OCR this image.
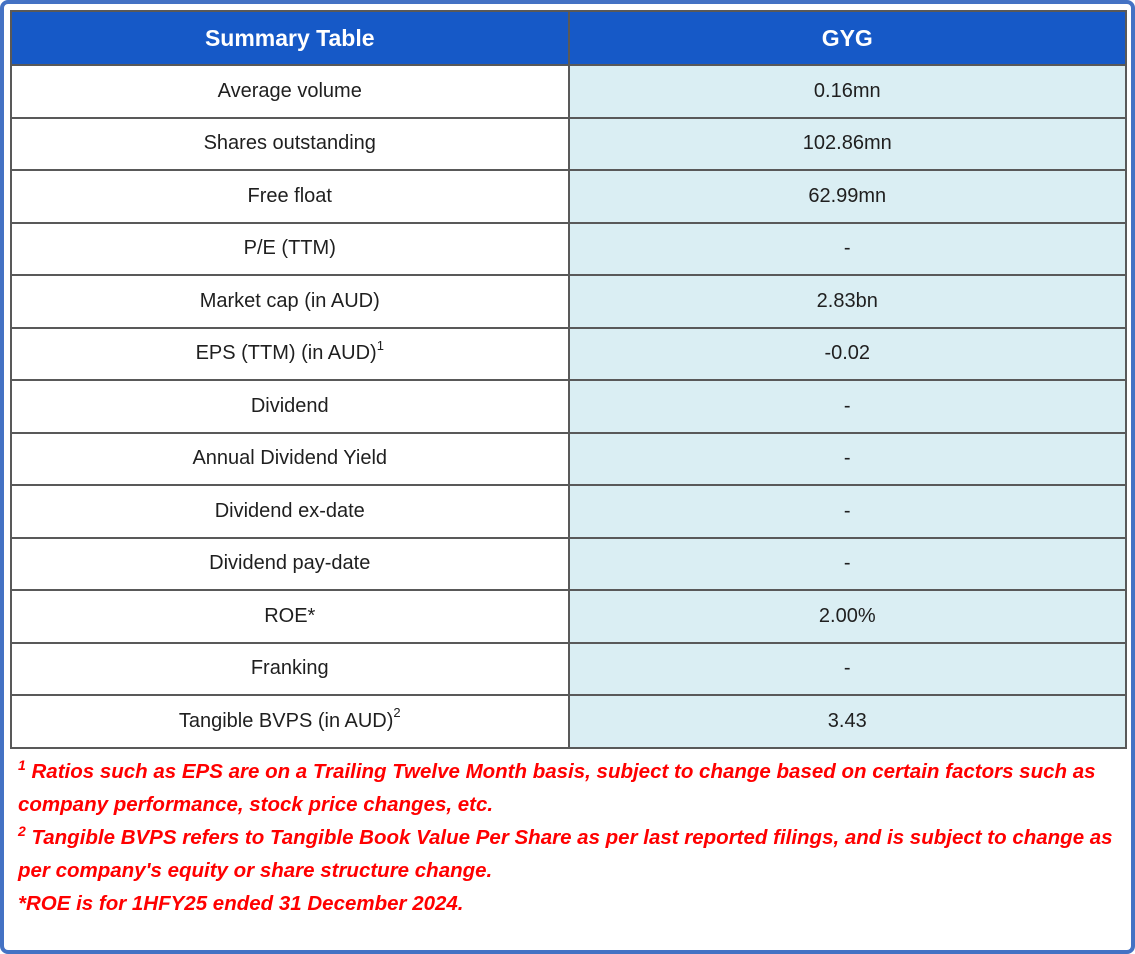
Summary Table	GYG
Average volume	0.16mn
Shares outstanding	102.86mn
Free float	62.99mn
P/E (TTM)	-
Market cap (in AUD)	2.83bn
EPS (TTM) (in AUD)$^1$	-0.02
Dividend	-
Annual Dividend Yield	-
Dividend ex-date	-
Dividend pay-date	-
ROE*	2.00%
Franking	-
Tangible BVPS (in AUD)$^2$	3.43

$^1$ Ratios such as EPS are on a Trailing Twelve Month basis, subject to change based on certain factors such as company performance, stock price changes, etc.

$^2$ Tangible BVPS refers to Tangible Book Value Per Share as per last reported filings, and is subject to change as per company's equity or share structure change.

*ROE is for 1HFY25 ended 31 December 2024.
